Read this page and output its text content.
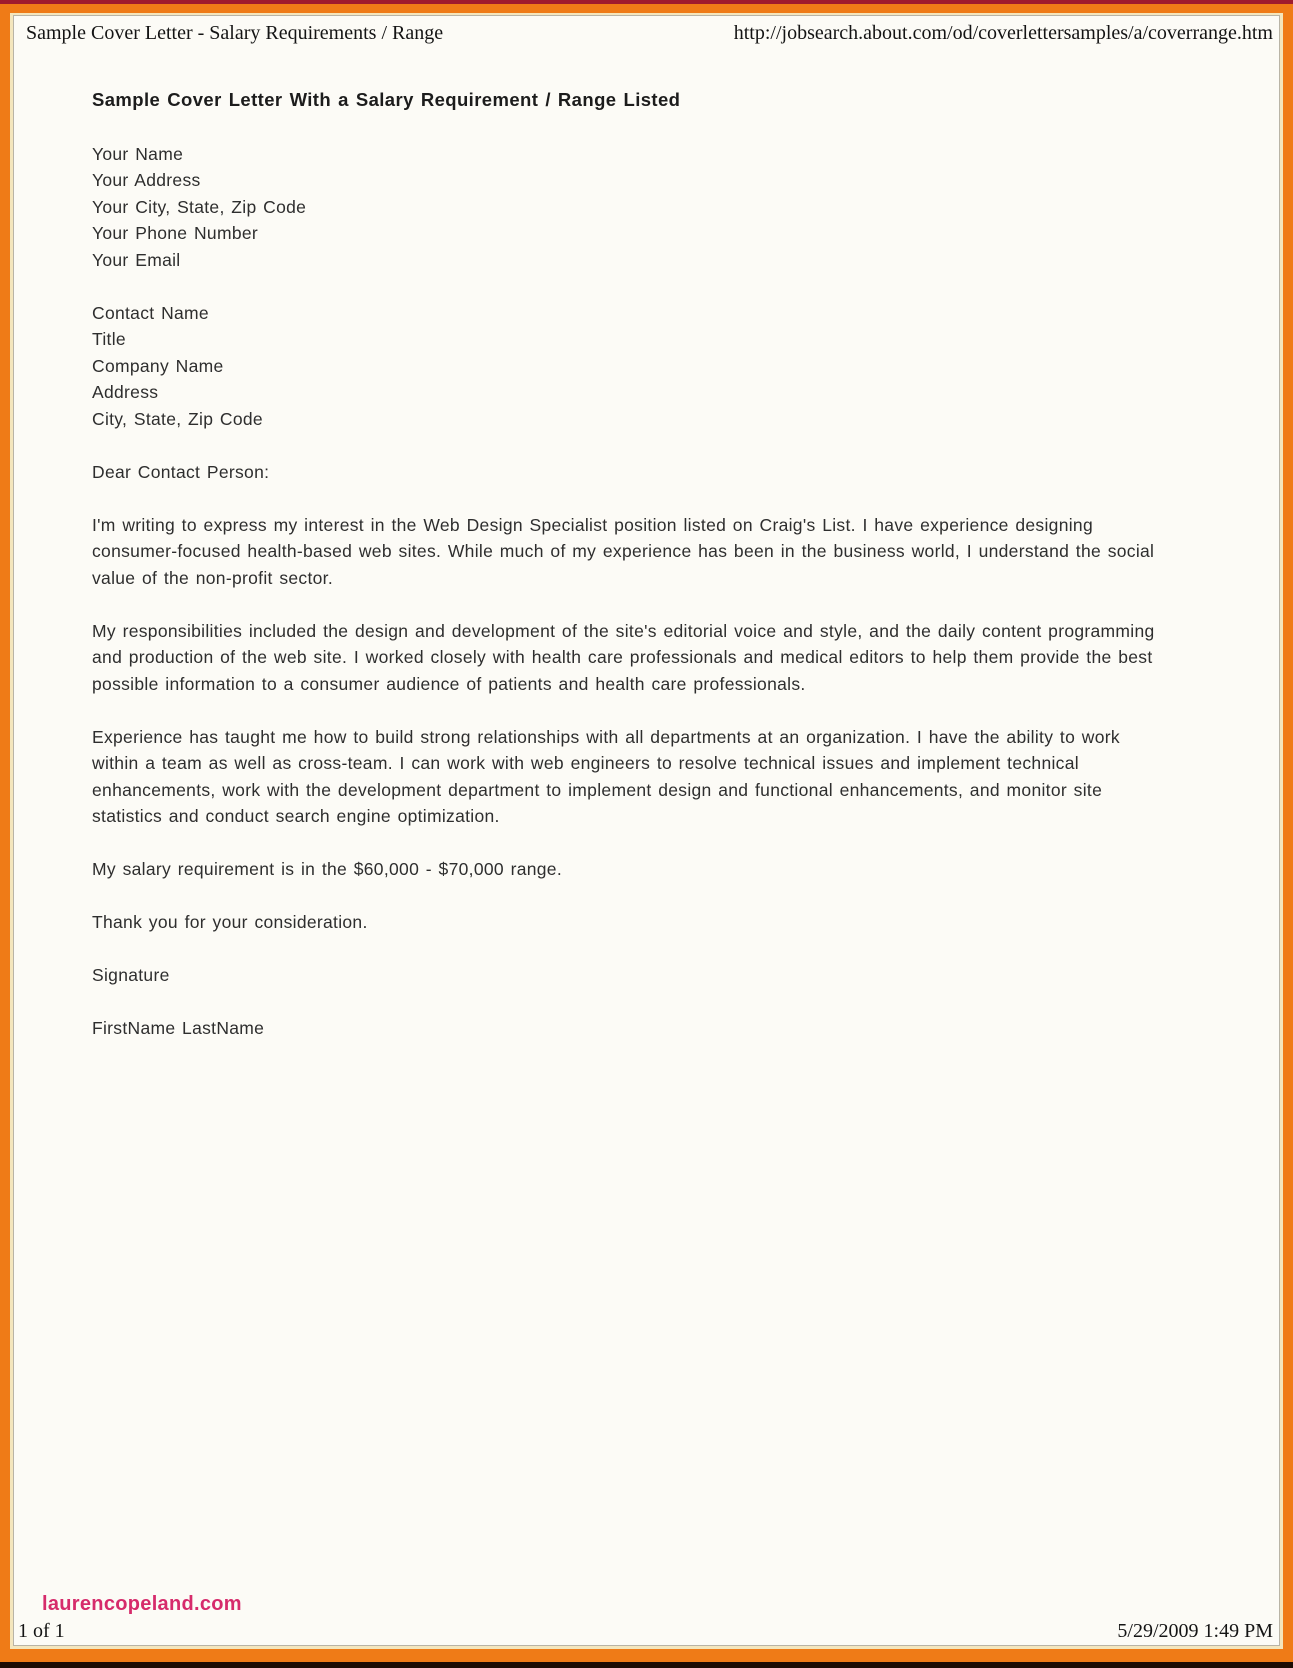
Sample Cover Letter - Salary Requirements / Range	http://jobsearch.about.com/od/coverlettersamples/a/coverrange.htm
Sample Cover Letter With a Salary Requirement / Range Listed
Your Name
Your Address
Your City, State, Zip Code
Your Phone Number
Your Email
Contact Name
Title
Company Name
Address
City, State, Zip Code
Dear Contact Person:
I'm writing to express my interest in the Web Design Specialist position listed on Craig's List. I have experience designing consumer-focused health-based web sites. While much of my experience has been in the business world, I understand the social value of the non-profit sector.
My responsibilities included the design and development of the site's editorial voice and style, and the daily content programming and production of the web site. I worked closely with health care professionals and medical editors to help them provide the best possible information to a consumer audience of patients and health care professionals.
Experience has taught me how to build strong relationships with all departments at an organization. I have the ability to work within a team as well as cross-team. I can work with web engineers to resolve technical issues and implement technical enhancements, work with the development department to implement design and functional enhancements, and monitor site statistics and conduct search engine optimization.
My salary requirement is in the $60,000 - $70,000 range.
Thank you for your consideration.
Signature
FirstName LastName
laurencopeland.com
1 of 1	5/29/2009 1:49 PM
